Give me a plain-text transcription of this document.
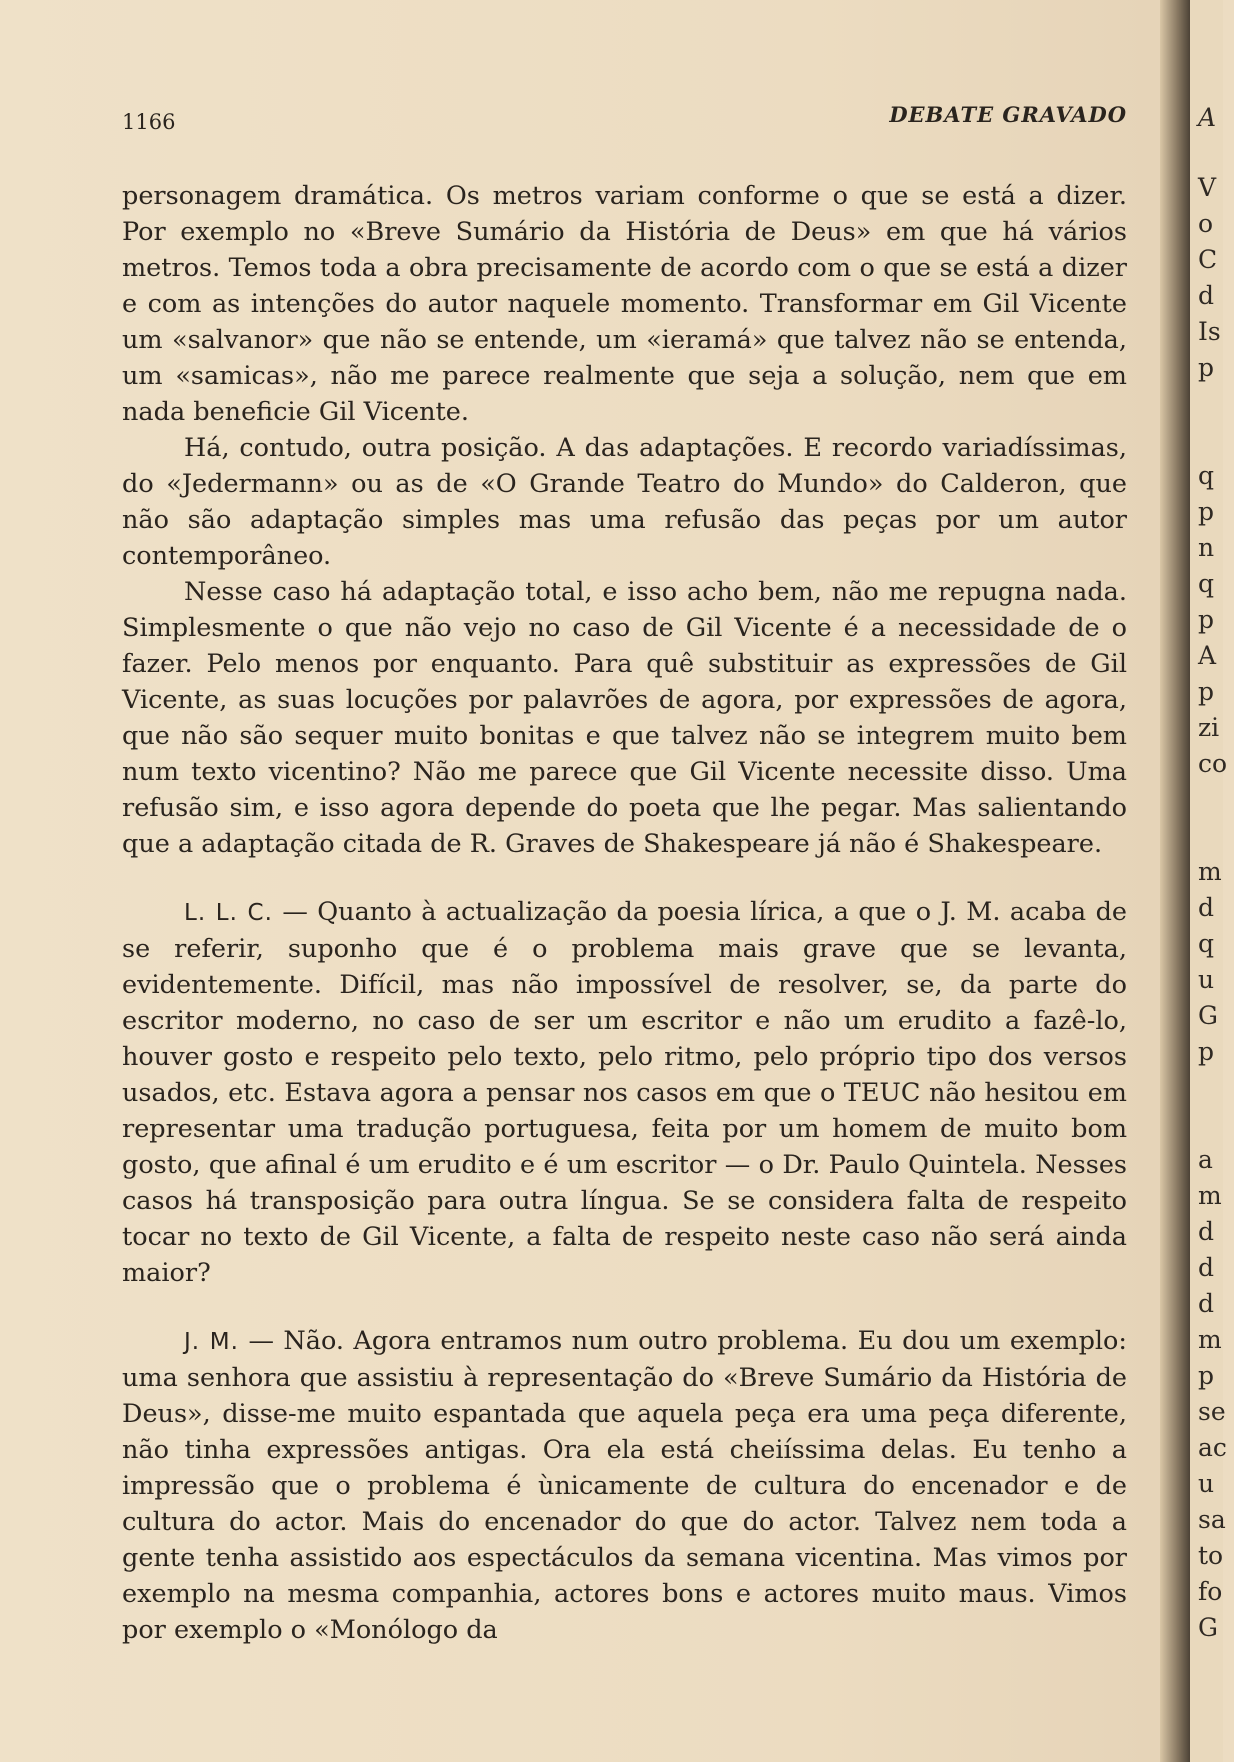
1166	DEBATE GRAVADO

personagem dramática. Os metros variam conforme o que se está a dizer. Por exemplo no «Breve Sumário da História de Deus» em que há vários metros. Temos toda a obra precisamente de acordo com o que se está a dizer e com as intenções do autor naquele momento. Transformar em Gil Vicente um «salvanor» que não se entende, um «ieramá» que talvez não se entenda, um «samicas», não me parece realmente que seja a solução, nem que em nada beneficie Gil Vicente.

Há, contudo, outra posição. A das adaptações. E recordo variadíssimas, do «Jedermann» ou as de «O Grande Teatro do Mundo» do Calderon, que não são adaptação simples mas uma refusão das peças por um autor contemporâneo.

Nesse caso há adaptação total, e isso acho bem, não me repugna nada. Simplesmente o que não vejo no caso de Gil Vicente é a necessidade de o fazer. Pelo menos por enquanto. Para quê substituir as expressões de Gil Vicente, as suas locuções por palavrões de agora, por expressões de agora, que não são sequer muito bonitas e que talvez não se integrem muito bem num texto vicentino? Não me parece que Gil Vicente necessite disso. Uma refusão sim, e isso agora depende do poeta que lhe pegar. Mas salientando que a adaptação citada de R. Graves de Shakespeare já não é Shakespeare.

L. L. C. — Quanto à actualização da poesia lírica, a que o J. M. acaba de se referir, suponho que é o problema mais grave que se levanta, evidentemente. Difícil, mas não impossível de resolver, se, da parte do escritor moderno, no caso de ser um escritor e não um erudito a fazê-lo, houver gosto e respeito pelo texto, pelo ritmo, pelo próprio tipo dos versos usados, etc. Estava agora a pensar nos casos em que o TEUC não hesitou em representar uma tradução portuguesa, feita por um homem de muito bom gosto, que afinal é um erudito e é um escritor — o Dr. Paulo Quintela. Nesses casos há transposição para outra língua. Se se considera falta de respeito tocar no texto de Gil Vicente, a falta de respeito neste caso não será ainda maior?

J. M. — Não. Agora entramos num outro problema. Eu dou um exemplo: uma senhora que assistiu à representação do «Breve Sumário da História de Deus», disse-me muito espantada que aquela peça era uma peça diferente, não tinha expressões antigas. Ora ela está cheiíssima delas. Eu tenho a impressão que o problema é ùnicamente de cultura do encenador e de cultura do actor. Mais do encenador do que do actor. Talvez nem toda a gente tenha assistido aos espectáculos da semana vicentina. Mas vimos por exemplo na mesma companhia, actores bons e actores muito maus. Vimos por exemplo o «Monólogo da

A
V
o
C
d
Is
p

q
p
n
q
p
A
p
zi
co

m
d
q
u
G
p

a
m
d
d
d
m
p
se
ac
u
sa
to
fo
G
